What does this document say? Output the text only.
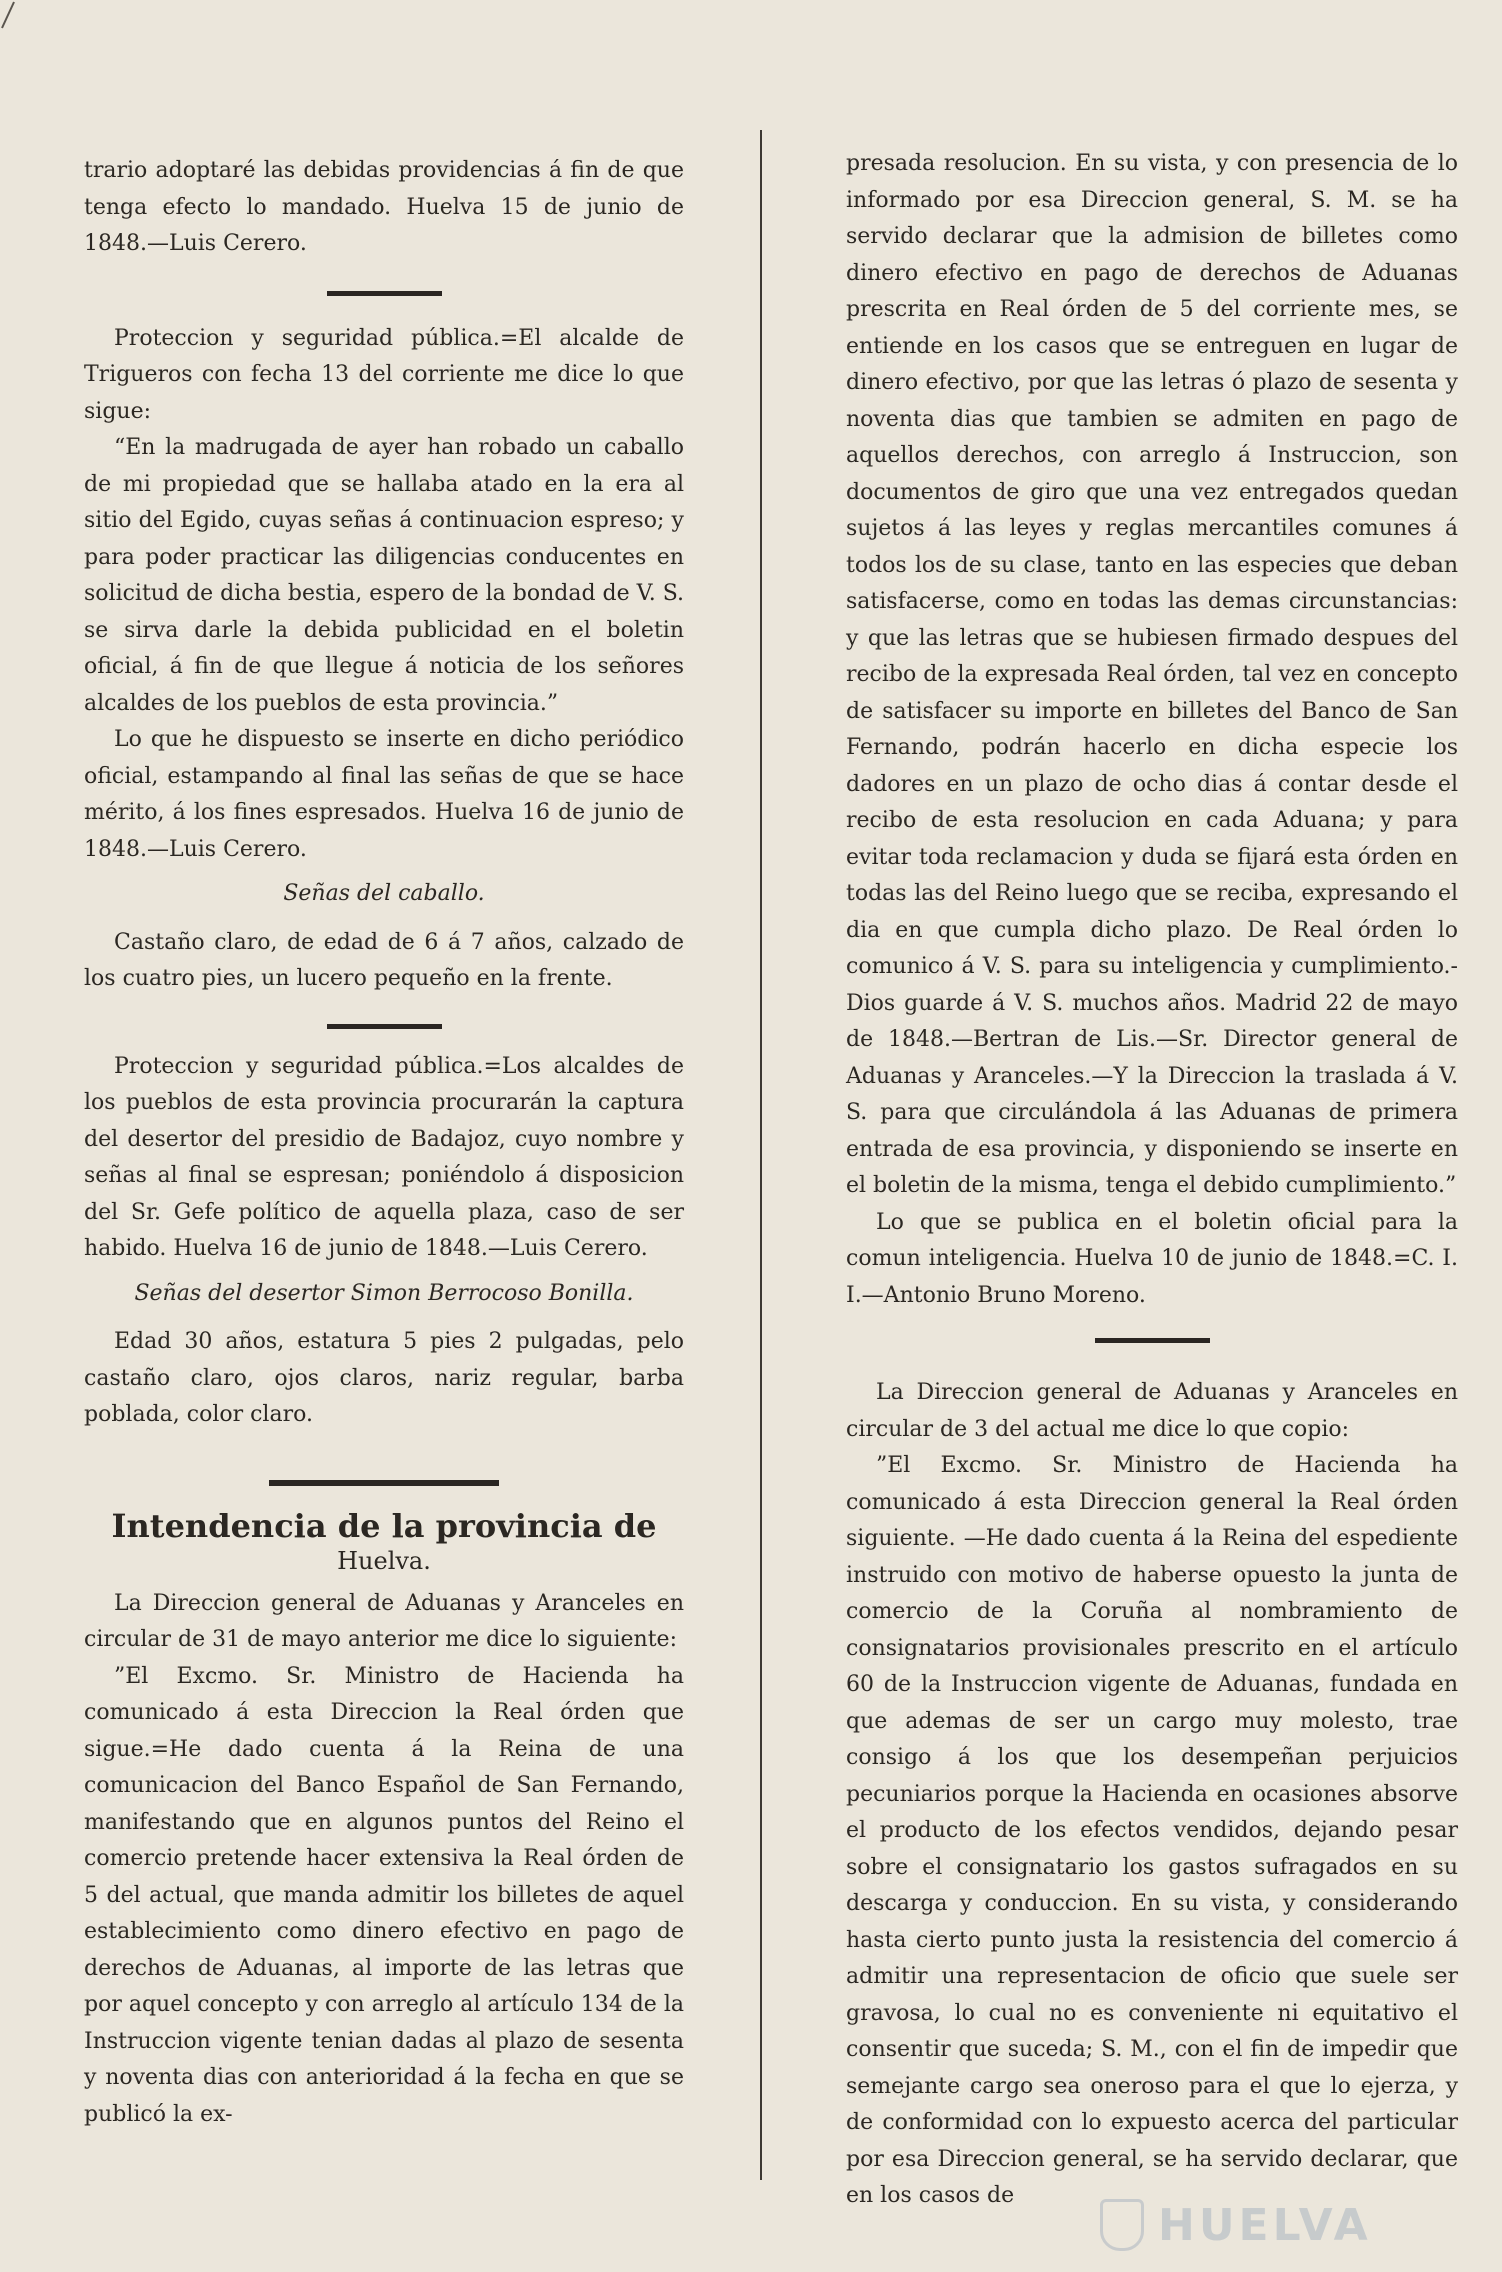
trario adoptaré las debidas providencias á fin de que tenga efecto lo mandado. Huelva 15 de junio de 1848.—Luis Cerero.

Proteccion y seguridad pública.=El alcalde de Trigueros con fecha 13 del corriente me dice lo que sigue:

“En la madrugada de ayer han robado un caballo de mi propiedad que se hallaba atado en la era al sitio del Egido, cuyas señas á continuacion espreso; y para poder practicar las diligencias conducentes en solicitud de dicha bestia, espero de la bondad de V. S. se sirva darle la debida publicidad en el boletin oficial, á fin de que llegue á noticia de los señores alcaldes de los pueblos de esta provincia.”

Lo que he dispuesto se inserte en dicho periódico oficial, estampando al final las señas de que se hace mérito, á los fines espresados. Huelva 16 de junio de 1848.—Luis Cerero.

Señas del caballo.

Castaño claro, de edad de 6 á 7 años, calzado de los cuatro pies, un lucero pequeño en la frente.

Proteccion y seguridad pública.=Los alcaldes de los pueblos de esta provincia procurarán la captura del desertor del presidio de Badajoz, cuyo nombre y señas al final se espresan; poniéndolo á disposicion del Sr. Gefe político de aquella plaza, caso de ser habido. Huelva 16 de junio de 1848.—Luis Cerero.

Señas del desertor Simon Berrocoso Bonilla.

Edad 30 años, estatura 5 pies 2 pulgadas, pelo castaño claro, ojos claros, nariz regular, barba poblada, color claro.

Intendencia de la provincia de

Huelva.

La Direccion general de Aduanas y Aranceles en circular de 31 de mayo anterior me dice lo siguiente:

”El Excmo. Sr. Ministro de Hacienda ha comunicado á esta Direccion la Real órden que sigue.=He dado cuenta á la Reina de una comunicacion del Banco Español de San Fernando, manifestando que en algunos puntos del Reino el comercio pretende hacer extensiva la Real órden de 5 del actual, que manda admitir los billetes de aquel establecimiento como dinero efectivo en pago de derechos de Aduanas, al importe de las letras que por aquel concepto y con arreglo al artículo 134 de la Instruccion vigente tenian dadas al plazo de sesenta y noventa dias con anterioridad á la fecha en que se publicó la ex-

presada resolucion. En su vista, y con presencia de lo informado por esa Direccion general, S. M. se ha servido declarar que la admision de billetes como dinero efectivo en pago de derechos de Aduanas prescrita en Real órden de 5 del corriente mes, se entiende en los casos que se entreguen en lugar de dinero efectivo, por que las letras ó plazo de sesenta y noventa dias que tambien se admiten en pago de aquellos derechos, con arreglo á Instruccion, son documentos de giro que una vez entregados quedan sujetos á las leyes y reglas mercantiles comunes á todos los de su clase, tanto en las especies que deban satisfacerse, como en todas las demas circunstancias: y que las letras que se hubiesen firmado despues del recibo de la expresada Real órden, tal vez en concepto de satisfacer su importe en billetes del Banco de San Fernando, podrán hacerlo en dicha especie los dadores en un plazo de ocho dias á contar desde el recibo de esta resolucion en cada Aduana; y para evitar toda reclamacion y duda se fijará esta órden en todas las del Reino luego que se reciba, expresando el dia en que cumpla dicho plazo. De Real órden lo comunico á V. S. para su inteligencia y cumplimiento.-Dios guarde á V. S. muchos años. Madrid 22 de mayo de 1848.—Bertran de Lis.—Sr. Director general de Aduanas y Aranceles.—Y la Direccion la traslada á V. S. para que circulándola á las Aduanas de primera entrada de esa provincia, y disponiendo se inserte en el boletin de la misma, tenga el debido cumplimiento.”

Lo que se publica en el boletin oficial para la comun inteligencia. Huelva 10 de junio de 1848.=C. I. I.—Antonio Bruno Moreno.

La Direccion general de Aduanas y Aranceles en circular de 3 del actual me dice lo que copio:

”El Excmo. Sr. Ministro de Hacienda ha comunicado á esta Direccion general la Real órden siguiente. —He dado cuenta á la Reina del espediente instruido con motivo de haberse opuesto la junta de comercio de la Coruña al nombramiento de consignatarios provisionales prescrito en el artículo 60 de la Instruccion vigente de Aduanas, fundada en que ademas de ser un cargo muy molesto, trae consigo á los que los desempeñan perjuicios pecuniarios porque la Hacienda en ocasiones absorve el producto de los efectos vendidos, dejando pesar sobre el consignatario los gastos sufragados en su descarga y conduccion. En su vista, y considerando hasta cierto punto justa la resistencia del comercio á admitir una representacion de oficio que suele ser gravosa, lo cual no es conveniente ni equitativo el consentir que suceda; S. M., con el fin de impedir que semejante cargo sea oneroso para el que lo ejerza, y de conformidad con lo expuesto acerca del particular por esa Direccion general, se ha servido declarar, que en los casos de

HUELVA
